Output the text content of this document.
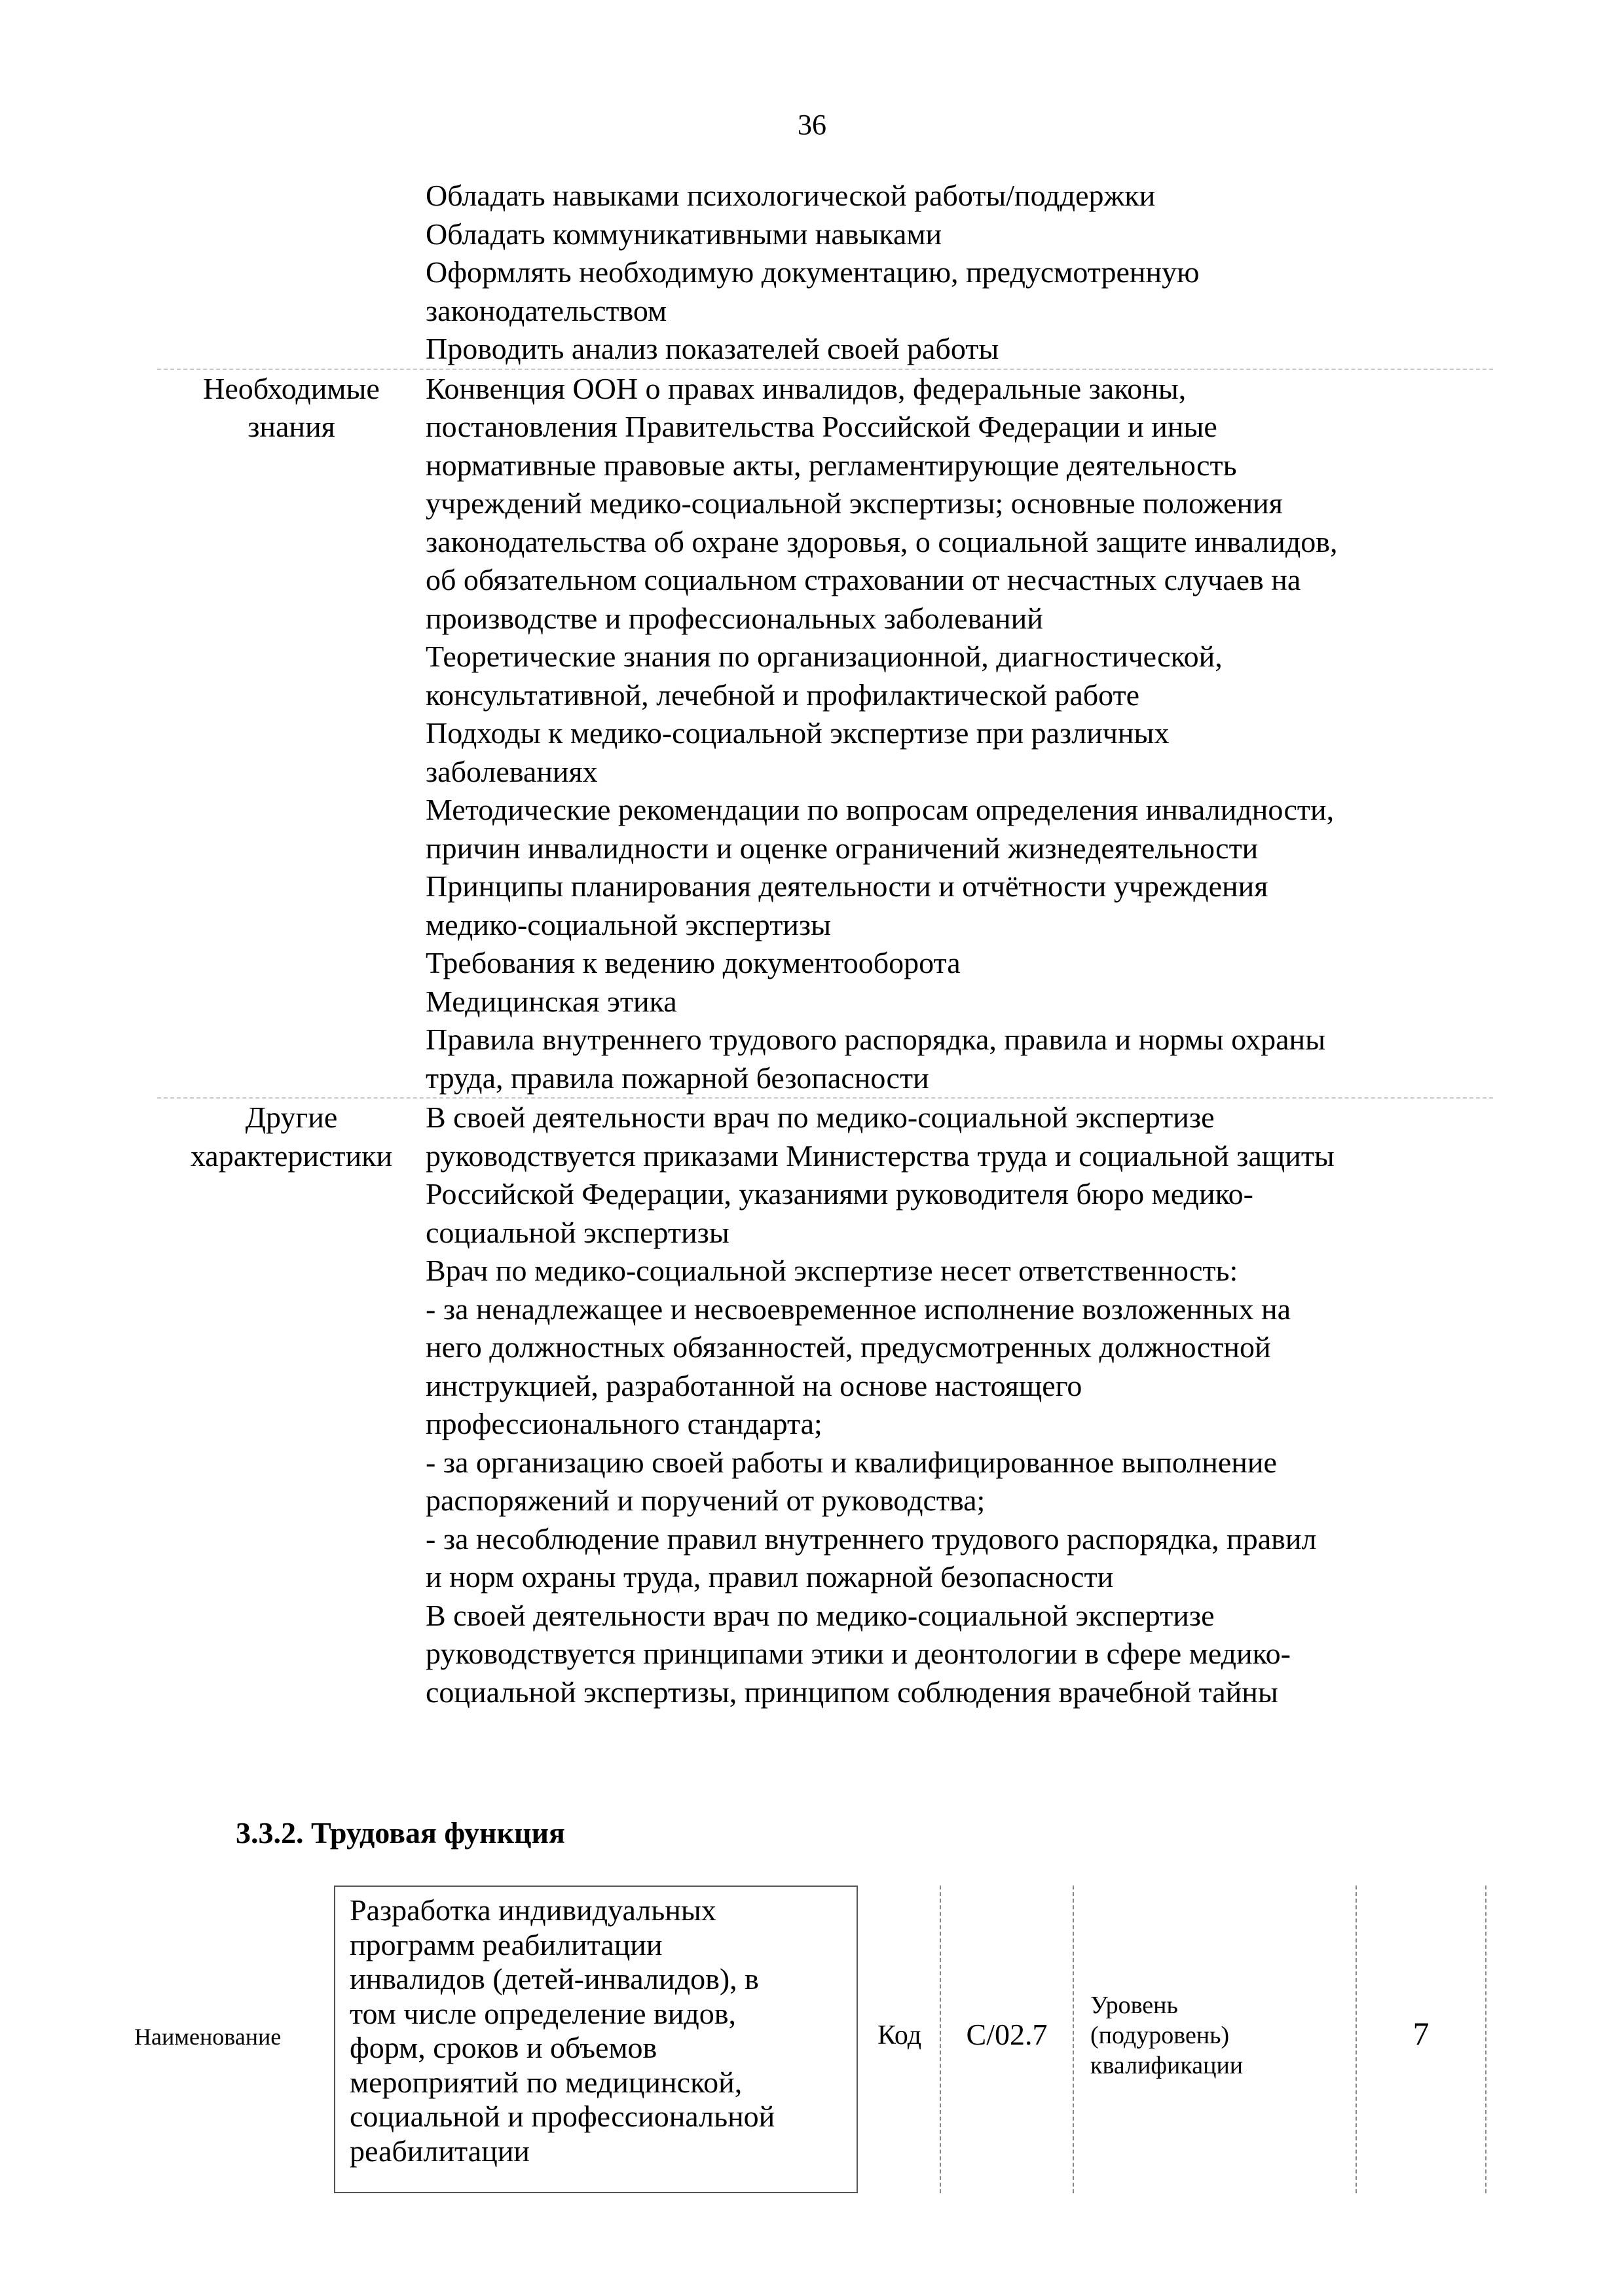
36
Обладать навыками психологической работы/поддержки
Обладать коммуникативными навыками
Оформлять необходимую документацию, предусмотренную
законодательством
Проводить анализ показателей своей работы
Необходимые
знания
Конвенция ООН о правах инвалидов, федеральные законы,
постановления Правительства Российской Федерации и иные
нормативные правовые акты, регламентирующие деятельность
учреждений медико-социальной экспертизы; основные положения
законодательства об охране здоровья, о социальной защите инвалидов,
об обязательном социальном страховании от несчастных случаев на
производстве и профессиональных заболеваний
Теоретические знания по организационной, диагностической,
консультативной, лечебной и профилактической работе
Подходы к медико-социальной экспертизе при различных
заболеваниях
Методические рекомендации по вопросам определения инвалидности,
причин инвалидности и оценке ограничений жизнедеятельности
Принципы планирования деятельности и отчётности учреждения
медико-социальной экспертизы
Требования к ведению документооборота
Медицинская этика
Правила внутреннего трудового распорядка, правила и нормы охраны
труда, правила пожарной безопасности
Другие
характеристики
В своей деятельности врач по медико-социальной экспертизе
руководствуется приказами Министерства труда и социальной защиты
Российской Федерации, указаниями руководителя бюро медико-
социальной экспертизы
Врач по медико-социальной экспертизе несет ответственность:
- за ненадлежащее и несвоевременное исполнение возложенных на
него должностных обязанностей, предусмотренных должностной
инструкцией, разработанной на основе настоящего
профессионального стандарта;
- за организацию своей работы и квалифицированное выполнение
распоряжений и поручений от руководства;
- за несоблюдение правил внутреннего трудового распорядка, правил
и норм охраны труда, правил пожарной безопасности
В своей деятельности врач по медико-социальной экспертизе
руководствуется принципами этики и деонтологии в сфере медико-
социальной экспертизы, принципом соблюдения врачебной тайны
3.3.2. Трудовая функция
Наименование
Разработка индивидуальных
программ реабилитации
инвалидов (детей-инвалидов), в
том числе определение видов,
форм, сроков и объемов
мероприятий по медицинской,
социальной и профессиональной
реабилитации
Код	C/02.7
Уровень
(подуровень)
квалификации
7
